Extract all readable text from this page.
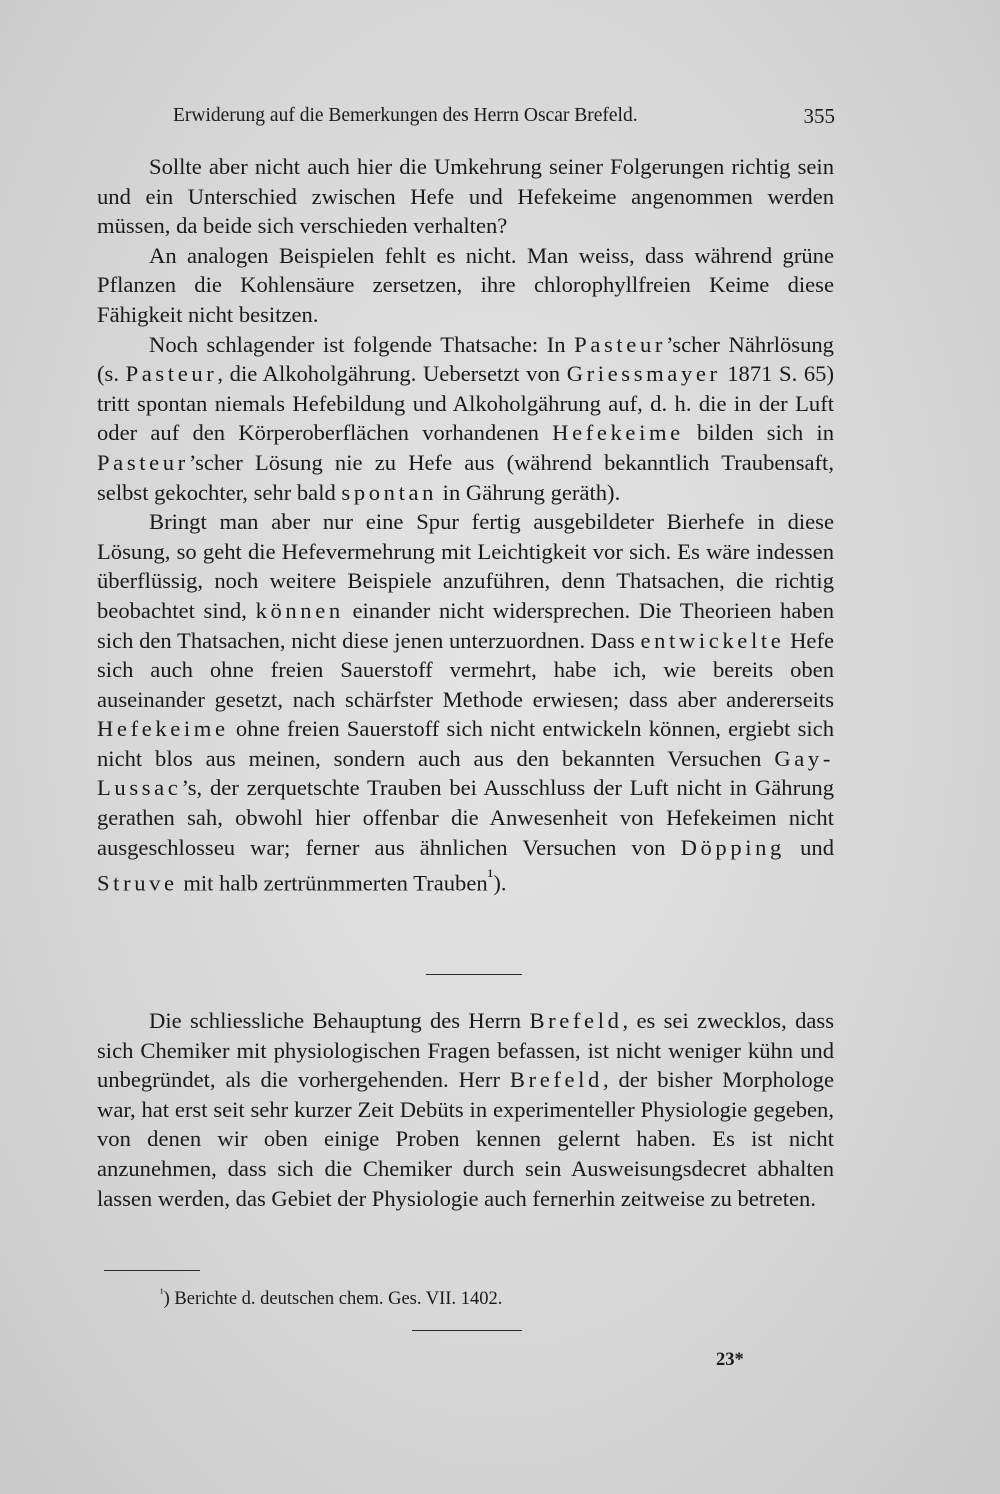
Erwiderung auf die Bemerkungen des Herrn Oscar Brefeld.	355

Sollte aber nicht auch hier die Umkehrung seiner Folgerungen richtig sein und ein Unterschied zwischen Hefe und Hefekeime angenommen werden müssen, da beide sich verschieden verhalten?

An analogen Beispielen fehlt es nicht. Man weiss, dass während grüne Pflanzen die Kohlensäure zersetzen, ihre chlorophyllfreien Keime diese Fähigkeit nicht besitzen.

Noch schlagender ist folgende Thatsache: In Pasteur’scher Nährlösung (s. Pasteur, die Alkoholgährung. Uebersetzt von Griessmayer 1871 S. 65) tritt spontan niemals Hefebildung und Alkoholgährung auf, d. h. die in der Luft oder auf den Körperoberflächen vorhandenen Hefekeime bilden sich in Pasteur’scher Lösung nie zu Hefe aus (während bekanntlich Traubensaft, selbst gekochter, sehr bald spontan in Gährung geräth).

Bringt man aber nur eine Spur fertig ausgebildeter Bierhefe in diese Lösung, so geht die Hefevermehrung mit Leichtigkeit vor sich. Es wäre indessen überflüssig, noch weitere Beispiele anzuführen, denn Thatsachen, die richtig beobachtet sind, können einander nicht widersprechen. Die Theorieen haben sich den Thatsachen, nicht diese jenen unterzuordnen. Dass entwickelte Hefe sich auch ohne freien Sauerstoff vermehrt, habe ich, wie bereits oben auseinander gesetzt, nach schärfster Methode erwiesen; dass aber andererseits Hefekeime ohne freien Sauerstoff sich nicht entwickeln können, ergiebt sich nicht blos aus meinen, sondern auch aus den bekannten Versuchen Gay-Lussac’s, der zerquetschte Trauben bei Ausschluss der Luft nicht in Gährung gerathen sah, obwohl hier offenbar die Anwesenheit von Hefekeimen nicht ausgeschlosseu war; ferner aus ähnlichen Versuchen von Döpping und Struve mit halb zertrünmmerten Trauben$^{^1}$).

Die schliessliche Behauptung des Herrn Brefeld, es sei zwecklos, dass sich Chemiker mit physiologischen Fragen befassen, ist nicht weniger kühn und unbegründet, als die vorhergehenden. Herr Brefeld, der bisher Morphologe war, hat erst seit sehr kurzer Zeit Debüts in experimenteller Physiologie gegeben, von denen wir oben einige Proben kennen gelernt haben. Es ist nicht anzunehmen, dass sich die Chemiker durch sein Ausweisungsdecret abhalten lassen werden, das Gebiet der Physiologie auch fernerhin zeitweise zu betreten.

$^{^1}$) Berichte d. deutschen chem. Ges. VII. 1402.
23*
